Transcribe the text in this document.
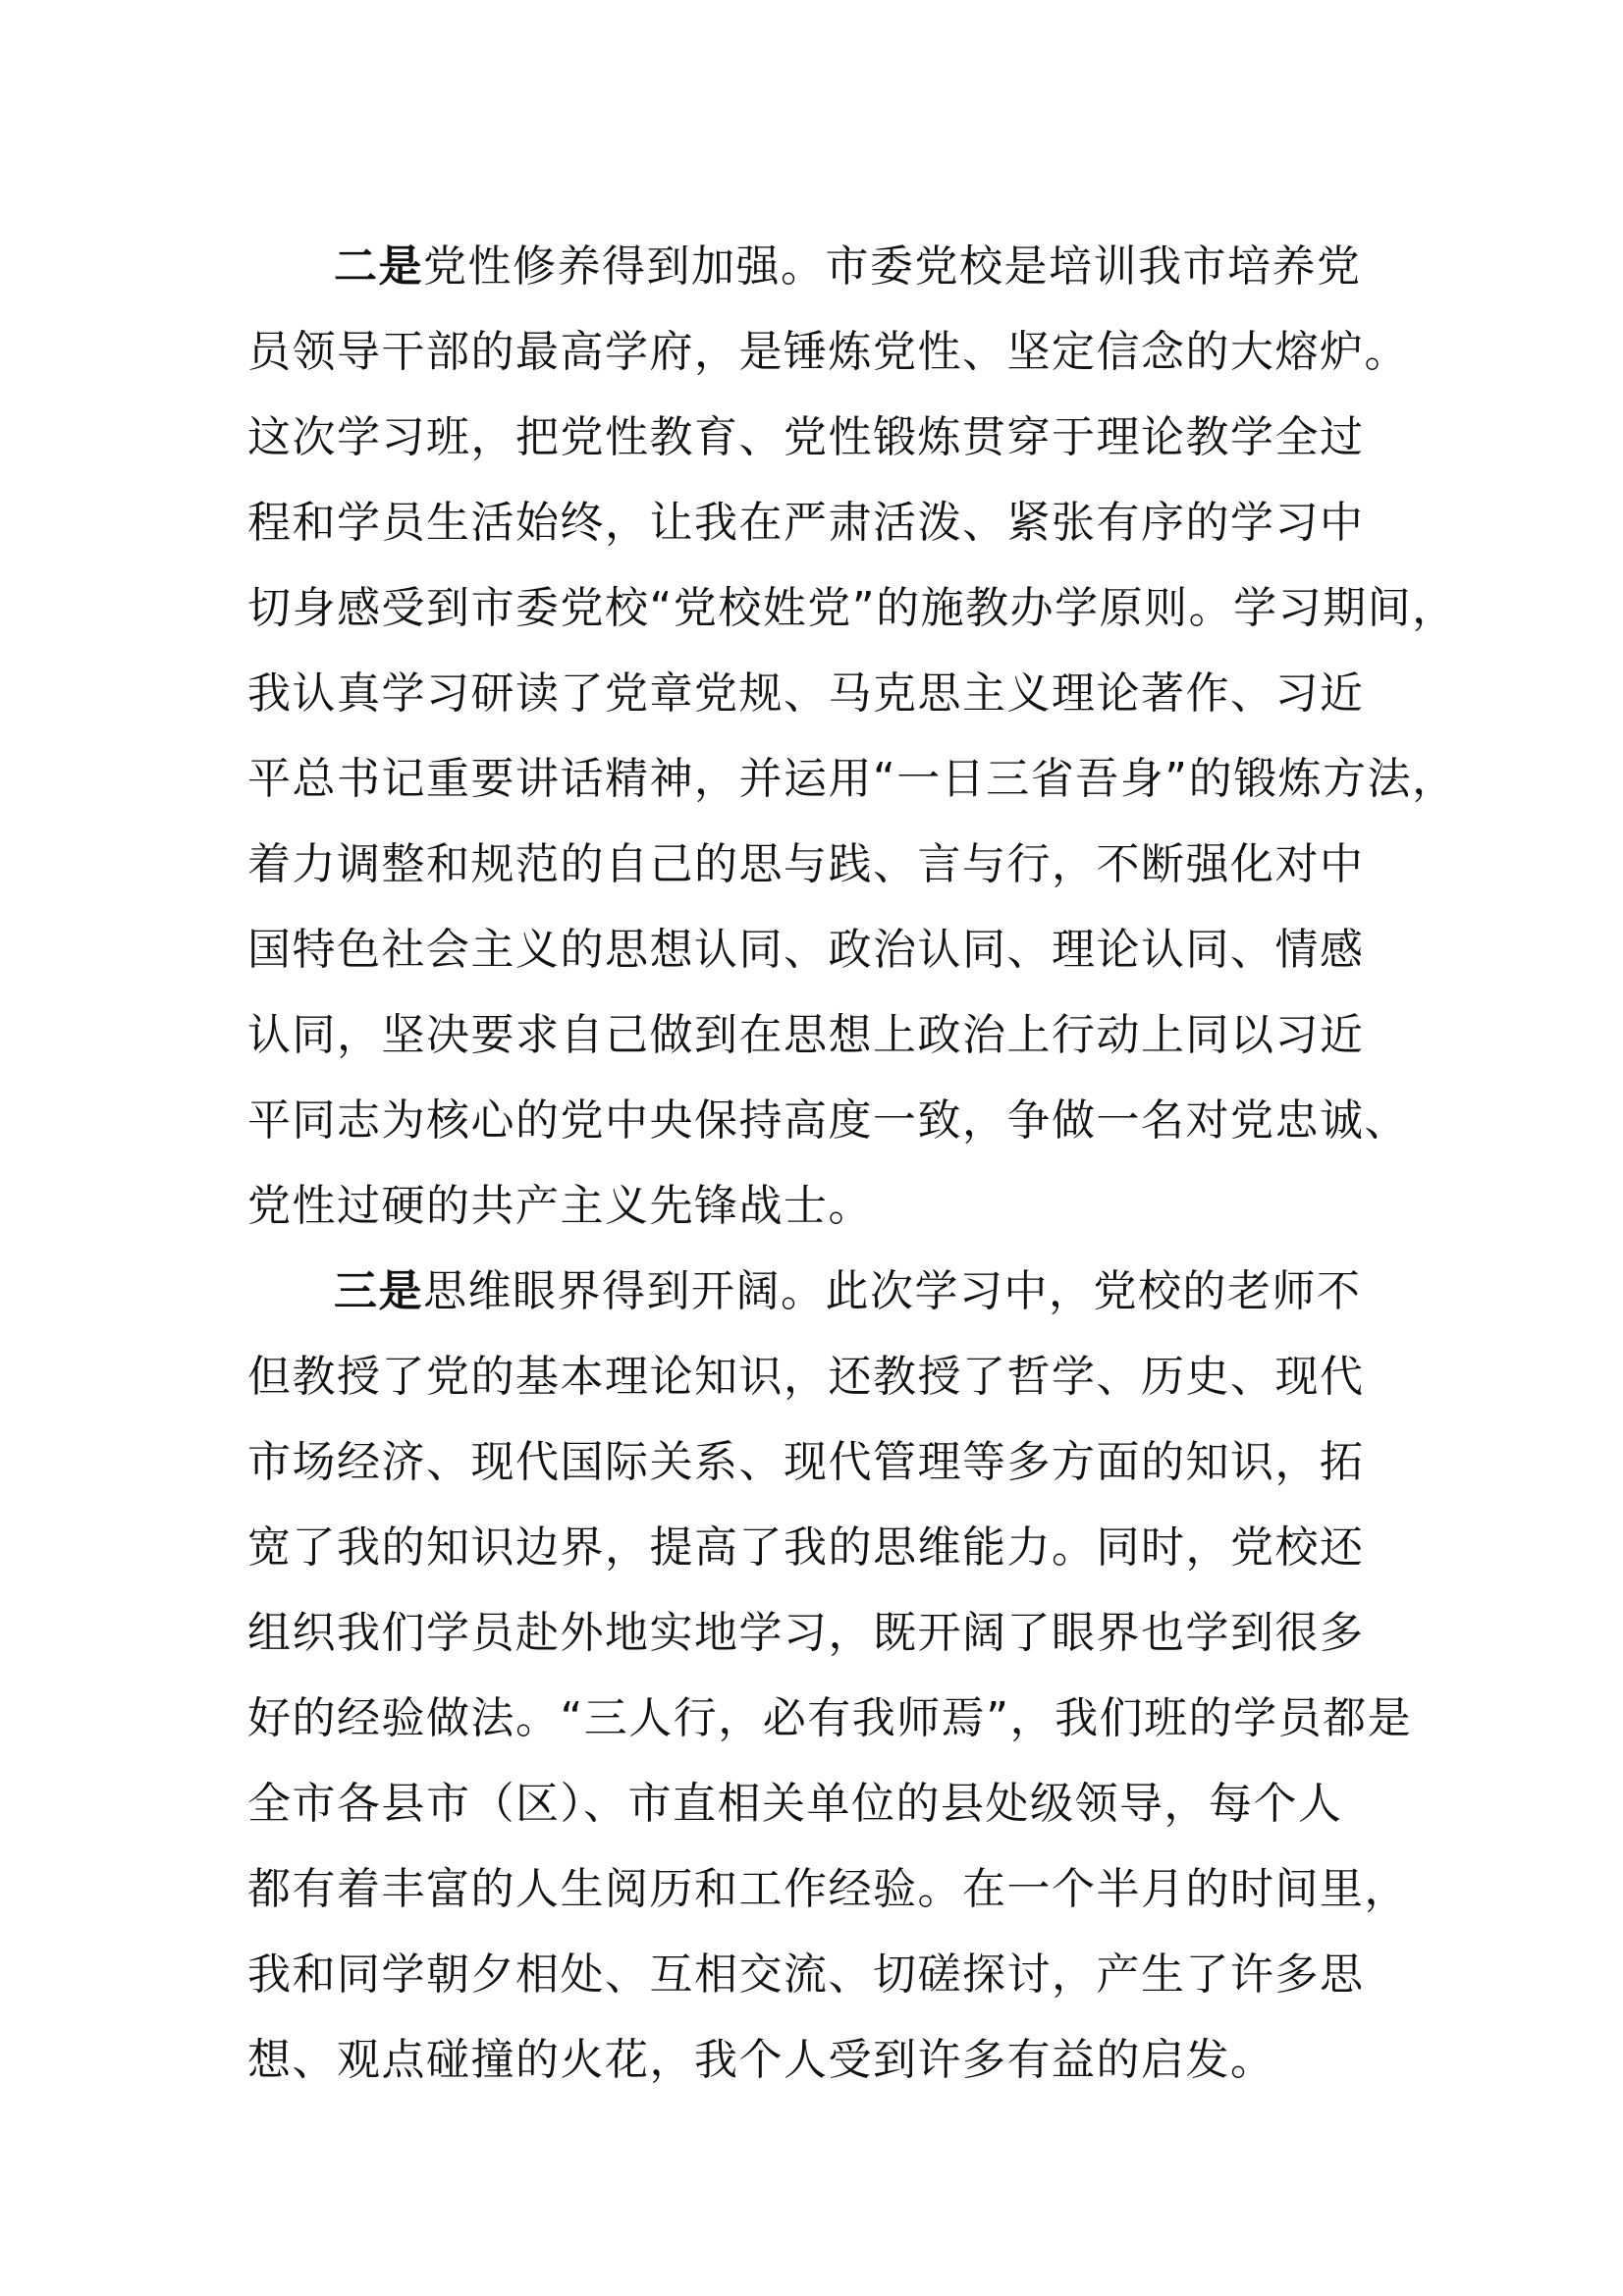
二是党性修养得到加强。市委党校是培训我市培养党
员领导干部的最高学府，是锤炼党性、坚定信念的大熔炉。
这次学习班，把党性教育、党性锻炼贯穿于理论教学全过
程和学员生活始终，让我在严肃活泼、紧张有序的学习中
切身感受到市委党校“党校姓党”的施教办学原则。学习期间，
我认真学习研读了党章党规、马克思主义理论著作、习近
平总书记重要讲话精神，并运用“一日三省吾身”的锻炼方法，
着力调整和规范的自己的思与践、言与行，不断强化对中
国特色社会主义的思想认同、政治认同、理论认同、情感
认同，坚决要求自己做到在思想上政治上行动上同以习近
平同志为核心的党中央保持高度一致，争做一名对党忠诚、
党性过硬的共产主义先锋战士。
三是思维眼界得到开阔。此次学习中，党校的老师不
但教授了党的基本理论知识，还教授了哲学、历史、现代
市场经济、现代国际关系、现代管理等多方面的知识，拓
宽了我的知识边界，提高了我的思维能力。同时，党校还
组织我们学员赴外地实地学习，既开阔了眼界也学到很多
好的经验做法。“三人行，必有我师焉”，我们班的学员都是
全市各县市（区）、市直相关单位的县处级领导，每个人
都有着丰富的人生阅历和工作经验。在一个半月的时间里，
我和同学朝夕相处、互相交流、切磋探讨，产生了许多思
想、观点碰撞的火花，我个人受到许多有益的启发。
